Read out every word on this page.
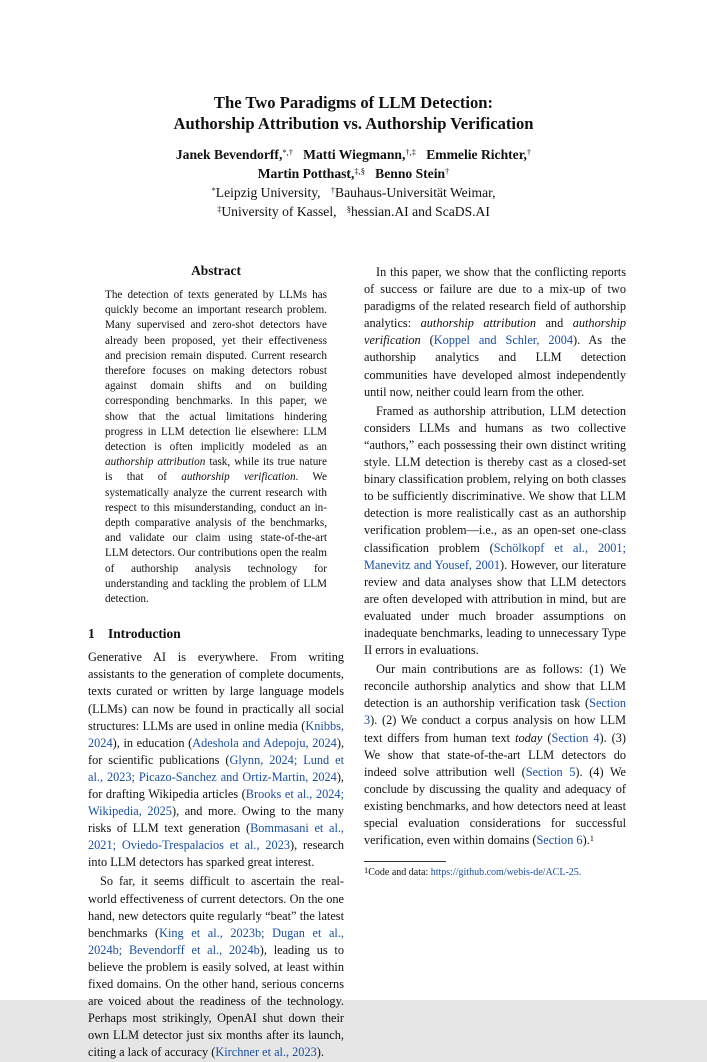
The Two Paradigms of LLM Detection:
Authorship Attribution vs. Authorship Verification
Janek Bevendorff,*,† Matti Wiegmann,†,‡ Emmelie Richter,†
Martin Potthast,‡,§ Benno Stein†
*Leipzig University, †Bauhaus-Universität Weimar,
‡University of Kassel, §hessian.AI and ScaDS.AI
Abstract

The detection of texts generated by LLMs has quickly become an important research problem. Many supervised and zero-shot detectors have already been proposed, yet their effectiveness and precision remain disputed. Current research therefore focuses on making detectors robust against domain shifts and on building corresponding benchmarks. In this paper, we show that the actual limitations hindering progress in LLM detection lie elsewhere: LLM detection is often implicitly modeled as an authorship attribution task, while its true nature is that of authorship verification. We systematically analyze the current research with respect to this misunderstanding, conduct an in-depth comparative analysis of the benchmarks, and validate our claim using state-of-the-art LLM detectors. Our contributions open the realm of authorship analysis technology for understanding and tackling the problem of LLM detection.

1 Introduction

Generative AI is everywhere. From writing assistants to the generation of complete documents, texts curated or written by large language models (LLMs) can now be found in practically all social structures: LLMs are used in online media (Knibbs, 2024), in education (Adeshola and Adepoju, 2024), for scientific publications (Glynn, 2024; Lund et al., 2023; Picazo-Sanchez and Ortiz-Martin, 2024), for drafting Wikipedia articles (Brooks et al., 2024; Wikipedia, 2025), and more. Owing to the many risks of LLM text generation (Bommasani et al., 2021; Oviedo-Trespalacios et al., 2023), research into LLM detectors has sparked great interest.

So far, it seems difficult to ascertain the real-world effectiveness of current detectors. On the one hand, new detectors quite regularly “beat” the latest benchmarks (King et al., 2023b; Dugan et al., 2024b; Bevendorff et al., 2024b), leading us to believe the problem is easily solved, at least within fixed domains. On the other hand, serious concerns are voiced about the readiness of the technology. Perhaps most strikingly, OpenAI shut down their own LLM detector just six months after its launch, citing a lack of accuracy (Kirchner et al., 2023).

In this paper, we show that the conflicting reports of success or failure are due to a mix-up of two paradigms of the related research field of authorship analytics: authorship attribution and authorship verification (Koppel and Schler, 2004). As the authorship analytics and LLM detection communities have developed almost independently until now, neither could learn from the other.

Framed as authorship attribution, LLM detection considers LLMs and humans as two collective “authors,” each possessing their own distinct writing style. LLM detection is thereby cast as a closed-set binary classification problem, relying on both classes to be sufficiently discriminative. We show that LLM detection is more realistically cast as an authorship verification problem—i.e., as an open-set one-class classification problem (Schölkopf et al., 2001; Manevitz and Yousef, 2001). However, our literature review and data analyses show that LLM detectors are often developed with attribution in mind, but are evaluated under much broader assumptions on inadequate benchmarks, leading to unnecessary Type II errors in evaluations.

Our main contributions are as follows: (1) We reconcile authorship analytics and show that LLM detection is an authorship verification task (Section 3). (2) We conduct a corpus analysis on how LLM text differs from human text today (Section 4). (3) We show that state-of-the-art LLM detectors do indeed solve attribution well (Section 5). (4) We conclude by discussing the quality and adequacy of existing benchmarks, and how detectors need at least special evaluation considerations for successful verification, even within domains (Section 6).$^1$

$^1$Code and data: https://github.com/webis-de/ACL-25.
